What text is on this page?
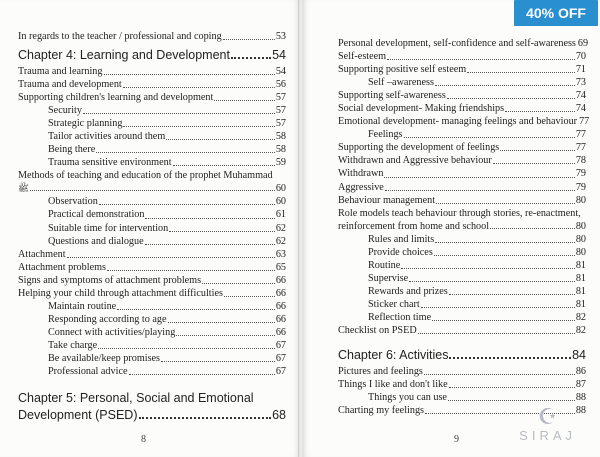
In regards to the teacher / professional and coping	53
Chapter 4: Learning and Development	54
Trauma and learning	54
Trauma and development	56
Supporting children's learning and development	57
Security	57
Strategic planning	57
Tailor activities around them	58
Being there	58
Trauma sensitive environment	59
Methods of teaching and education of the prophet Muhammad
ﷺ	60
Observation	60
Practical demonstration	61
Suitable time for intervention	62
Questions and dialogue	62
Attachment	63
Attachment problems	65
Signs and symptoms of attachment problems	66
Helping your child through attachment difficulties	66
Maintain routine	66
Responding according to age	66
Connect with activities/playing	66
Take charge	67
Be available/keep promises	67
Professional advice	67
Chapter 5: Personal, Social and Emotional
Development (PSED)	68
8
Personal development, self-confidence and self-awareness 69
Self-esteem	70
Supporting positive self esteem	71
Self –awareness	73
Supporting self-awareness	74
Social development- Making friendships	74
Emotional development- managing feelings and behaviour 77
Feelings	77
Supporting the development of feelings	77
Withdrawn and Aggressive behaviour	78
Withdrawn	79
Aggressive	79
Behaviour management	80
Role models teach behaviour through stories, re-enactment,
reinforcement from home and school	80
Rules and limits	80
Provide choices	80
Routine	81
Supervise	81
Rewards and prizes	81
Sticker chart	81
Reflection time	82
Checklist on PSED	82
Chapter 6: Activities	84
Pictures and feelings	86
Things I like and don't like	87
Things you can use	88
Charting my feelings	88
9
40% OFF
☪
SIRAJ
